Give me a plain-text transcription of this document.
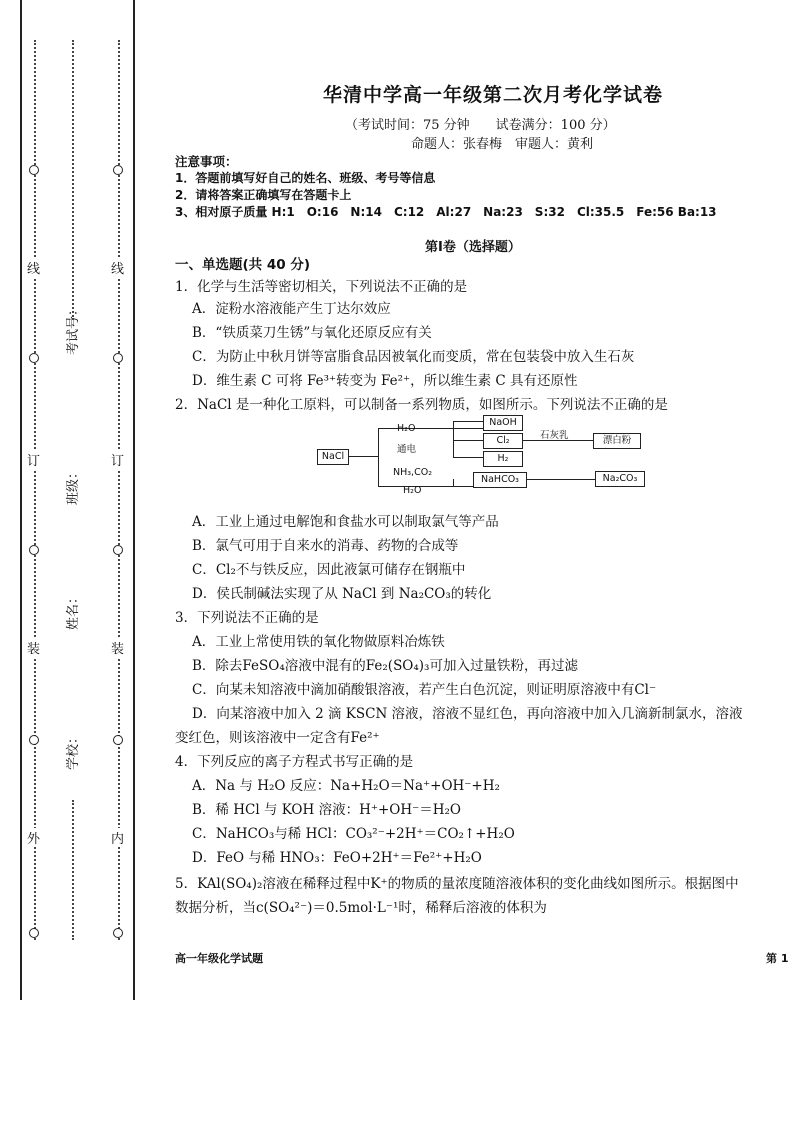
线
订
装
外
线
订
装
内
考试号：
班级：
姓名：
学校：
华清中学高一年级第二次月考化学试卷
（考试时间：75 分钟　　试卷满分：100 分）
命题人：张春梅　审题人：黄利
注意事项：
1．答题前填写好自己的姓名、班级、考号等信息
2．请将答案正确填写在答题卡上
3、相对原子质量 H:1　O:16　N:14　C:12　Al:27　Na:23　S:32　Cl:35.5　Fe:56 Ba:13
第Ⅰ卷（选择题）
一、单选题(共 40 分)
1．化学与生活等密切相关，下列说法不正确的是
A．淀粉水溶液能产生丁达尔效应
B．“铁质菜刀生锈”与氧化还原反应有关
C．为防止中秋月饼等富脂食品因被氧化而变质，常在包装袋中放入生石灰
D．维生素 C 可将 Fe³⁺转变为 Fe²⁺，所以维生素 C 具有还原性
2．NaCl 是一种化工原料，可以制备一系列物质，如图所示。下列说法不正确的是
NaCl
H₂O
通电
NaOH
Cl₂
H₂
石灰乳	漂白粉
NH₃,CO₂
H₂O
NaHCO₃	Na₂CO₃
A．工业上通过电解饱和食盐水可以制取氯气等产品
B．氯气可用于自来水的消毒、药物的合成等
C．Cl₂不与铁反应，因此液氯可储存在钢瓶中
D．侯氏制碱法实现了从 NaCl 到 Na₂CO₃的转化
3．下列说法不正确的是
A．工业上常使用铁的氧化物做原料冶炼铁
B．除去FeSO₄溶液中混有的Fe₂(SO₄)₃可加入过量铁粉，再过滤
C．向某未知溶液中滴加硝酸银溶液，若产生白色沉淀，则证明原溶液中有Cl⁻
D．向某溶液中加入 2 滴 KSCN 溶液，溶液不显红色，再向溶液中加入几滴新制氯水，溶液
变红色，则该溶液中一定含有Fe²⁺
4．下列反应的离子方程式书写正确的是
A．Na 与 H₂O 反应：Na+H₂O＝Na⁺+OH⁻+H₂
B．稀 HCl 与 KOH 溶液：H⁺+OH⁻＝H₂O
C．NaHCO₃与稀 HCl：CO₃²⁻+2H⁺＝CO₂↑+H₂O
D．FeO 与稀 HNO₃：FeO+2H⁺＝Fe²⁺+H₂O
5．KAl(SO₄)₂溶液在稀释过程中K⁺的物质的量浓度随溶液体积的变化曲线如图所示。根据图中
数据分析，当c(SO₄²⁻)＝0.5mol·L⁻¹时，稀释后溶液的体积为
高一年级化学试题	第 1
